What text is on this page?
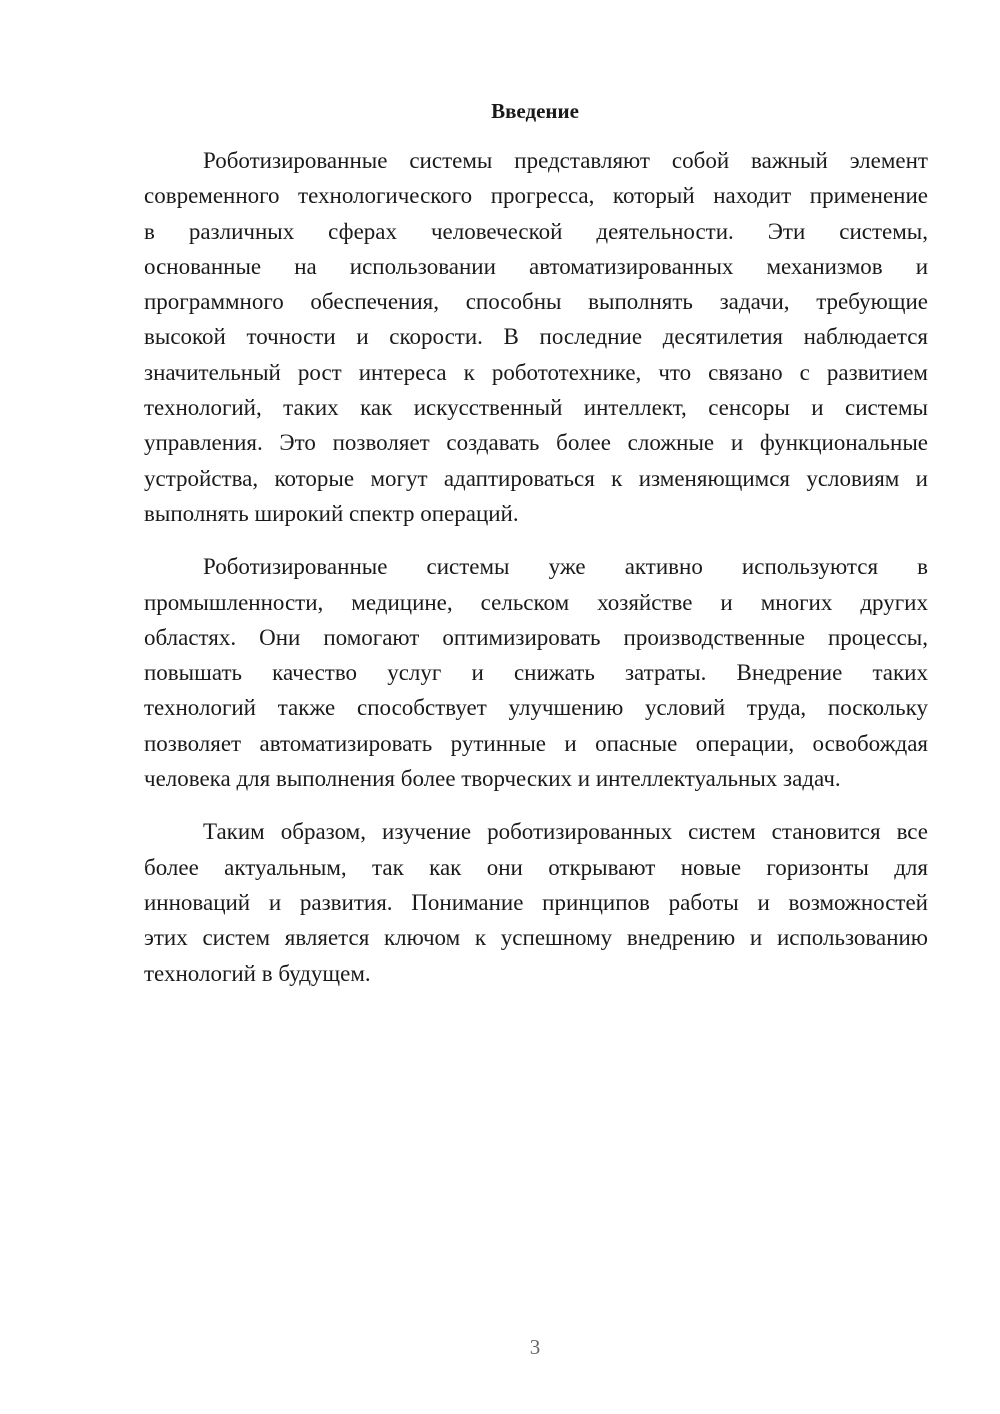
Введение

Роботизированные системы представляют собой важный элемент
современного технологического прогресса, который находит применение
в различных сферах человеческой деятельности. Эти системы,
основанные на использовании автоматизированных механизмов и
программного обеспечения, способны выполнять задачи, требующие
высокой точности и скорости. В последние десятилетия наблюдается
значительный рост интереса к робототехнике, что связано с развитием
технологий, таких как искусственный интеллект, сенсоры и системы
управления. Это позволяет создавать более сложные и функциональные
устройства, которые могут адаптироваться к изменяющимся условиям и
выполнять широкий спектр операций.

Роботизированные системы уже активно используются в
промышленности, медицине, сельском хозяйстве и многих других
областях. Они помогают оптимизировать производственные процессы,
повышать качество услуг и снижать затраты. Внедрение таких
технологий также способствует улучшению условий труда, поскольку
позволяет автоматизировать рутинные и опасные операции, освобождая
человека для выполнения более творческих и интеллектуальных задач.

Таким образом, изучение роботизированных систем становится все
более актуальным, так как они открывают новые горизонты для
инноваций и развития. Понимание принципов работы и возможностей
этих систем является ключом к успешному внедрению и использованию
технологий в будущем.

3
